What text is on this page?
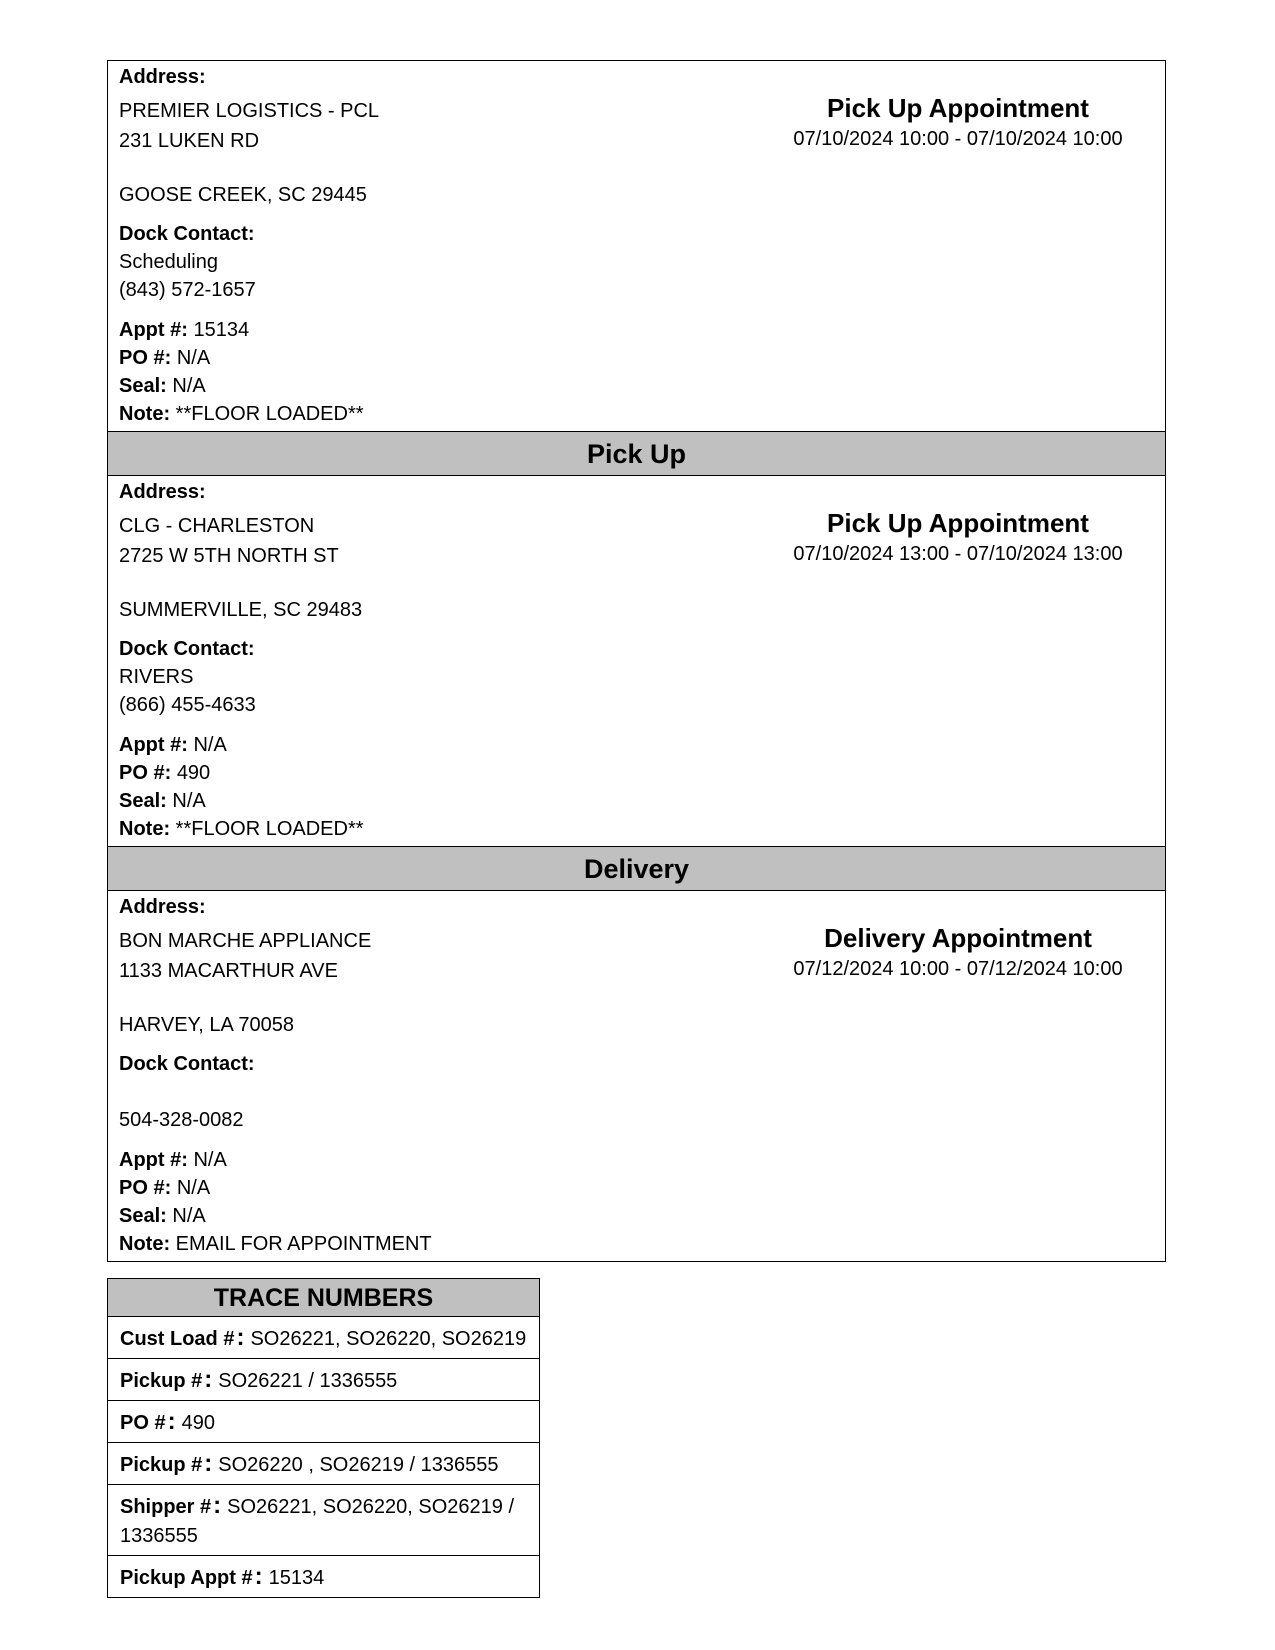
Address:
PREMIER LOGISTICS - PCL
231 LUKEN RD
GOOSE CREEK, SC 29445
Dock Contact:
Scheduling
(843) 572-1657
Appt #: 15134
PO #: N/A
Seal: N/A
Note: **FLOOR LOADED**
Pick Up Appointment
07/10/2024 10:00 - 07/10/2024 10:00
Pick Up
Address:
CLG - CHARLESTON
2725 W 5TH NORTH ST
SUMMERVILLE, SC 29483
Dock Contact:
RIVERS
(866) 455-4633
Appt #: N/A
PO #: 490
Seal: N/A
Note: **FLOOR LOADED**
Pick Up Appointment
07/10/2024 13:00 - 07/10/2024 13:00
Delivery
Address:
BON MARCHE APPLIANCE
1133 MACARTHUR AVE
HARVEY, LA 70058
Dock Contact:
504-328-0082
Appt #: N/A
PO #: N/A
Seal: N/A
Note: EMAIL FOR APPOINTMENT
Delivery Appointment
07/12/2024 10:00 - 07/12/2024 10:00
TRACE NUMBERS
Cust Load #: SO26221, SO26220, SO26219
Pickup #: SO26221 / 1336555
PO #: 490
Pickup #: SO26220 , SO26219 / 1336555
Shipper #: SO26221, SO26220, SO26219 / 1336555
Pickup Appt #: 15134
